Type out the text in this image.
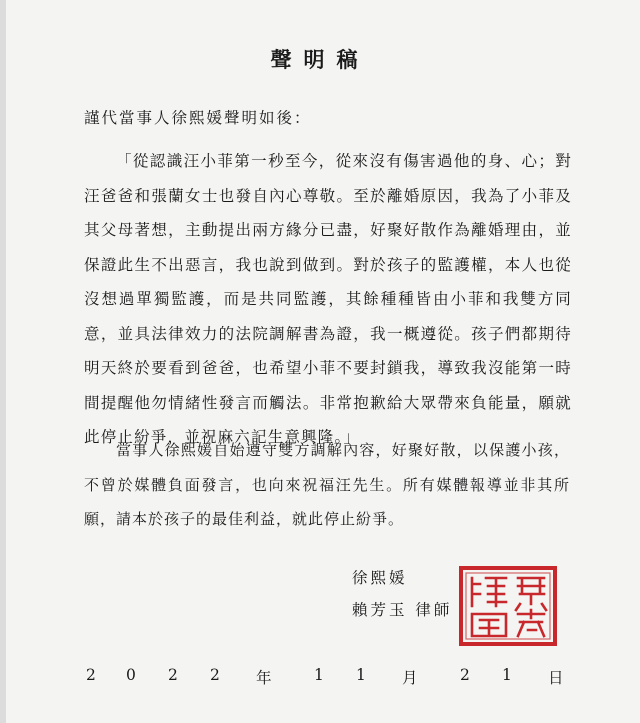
聲明稿
謹代當事人徐熙媛聲明如後：

「從認識汪小菲第一秒至今，從來沒有傷害過他的身、心；對汪爸爸和張蘭女士也發自內心尊敬。至於離婚原因，我為了小菲及其父母著想，主動提出兩方緣分已盡，好聚好散作為離婚理由，並保證此生不出惡言，我也說到做到。對於孩子的監護權，本人也從沒想過單獨監護，而是共同監護，其餘種種皆由小菲和我雙方同意，並具法律效力的法院調解書為證，我一概遵從。孩子們都期待明天終於要看到爸爸，也希望小菲不要封鎖我，導致我沒能第一時間提醒他勿情緒性發言而觸法。非常抱歉給大眾帶來負能量，願就此停止紛爭，並祝麻六記生意興隆。」

當事人徐熙媛自始遵守雙方調解內容，好聚好散，以保護小孩，不曾於媒體負面發言，也向來祝福汪先生。所有媒體報導並非其所願，請本於孩子的最佳利益，就此停止紛爭。

徐熙媛
賴芳玉 律師
2 0 2 2 年	1 1 月	2 1 日
